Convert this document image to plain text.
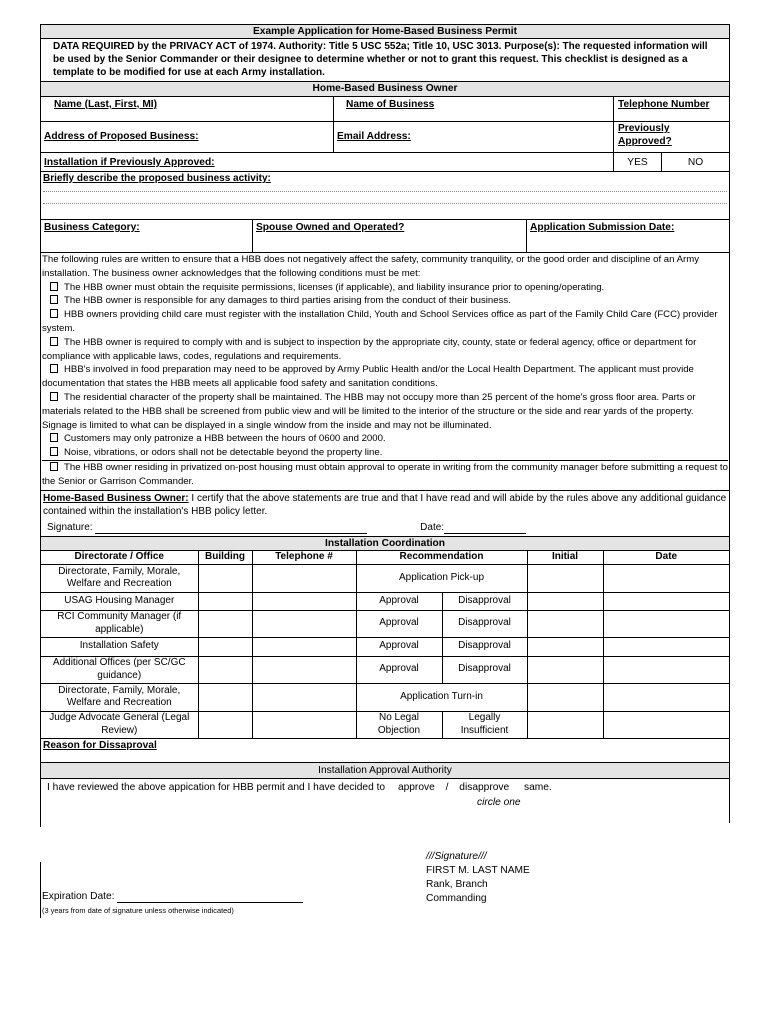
Example Application for Home-Based Business Permit
DATA REQUIRED by the PRIVACY ACT of 1974. Authority: Title 5 USC 552a; Title 10, USC 3013. Purpose(s): The requested information will be used by the Senior Commander or their designee to determine whether or not to grant this request. This checklist is designed as a template to be modified for use at each Army installation.
Home-Based Business Owner
Name (Last, First, MI)	Name of Business	Telephone Number
Address of Proposed Business:	Email Address:
Previously Approved?
Installation if Previously Approved:	YES	NO
Briefly describe the proposed business activity:
Business Category:	Spouse Owned and Operated?	Application Submission Date:
The following rules are written to ensure that a HBB does not negatively affect the safety, community tranquility, or the good order and discipline of an Army installation. The business owner acknowledges that the following conditions must be met:
The HBB owner must obtain the requisite permissions, licenses (if applicable), and liability insurance prior to opening/operating.
The HBB owner is responsible for any damages to third parties arising from the conduct of their business.
HBB owners providing child care must register with the installation Child, Youth and School Services office as part of the Family Child Care (FCC) provider system.
The HBB owner is required to comply with and is subject to inspection by the appropriate city, county, state or federal agency, office or department for compliance with applicable laws, codes, regulations and requirements.
HBB's involved in food preparation may need to be approved by Army Public Health and/or the Local Health Department. The applicant must provide documentation that states the HBB meets all applicable food safety and sanitation conditions.
The residential character of the property shall be maintained. The HBB may not occupy more than 25 percent of the home's gross floor area. Parts or materials related to the HBB shall be screened from public view and will be limited to the interior of the structure or the side and rear yards of the property. Signage is limited to what can be displayed in a single window from the inside and may not be illuminated.
Customers may only patronize a HBB between the hours of 0600 and 2000.
Noise, vibrations, or odors shall not be detectable beyond the property line.
The HBB owner residing in privatized on-post housing must obtain approval to operate in writing from the community manager before submitting a request to the Senior or Garrison Commander.
Home-Based Business Owner: I certify that the above statements are true and that I have read and will abide by the rules above any additional guidance contained within the installation's HBB policy letter.
Signature:	Date:
Installation Coordination
Directorate / Office	Building	Telephone #	Recommendation		Initial	Date
Directorate, Family, Morale, Welfare and Recreation			Application Pick-up			
USAG Housing Manager			Approval	Disapproval		
RCI Community Manager (if applicable)			Approval	Disapproval		
Installation Safety			Approval	Disapproval		
Additional Offices (per SC/GC guidance)			Approval	Disapproval		
Directorate, Family, Morale, Welfare and Recreation			Application Turn-in			
Judge Advocate General (Legal Review)			No Legal Objection	Legally Insufficient		
Reason for Dissaproval
Installation Approval Authority
I have reviewed the above appication for HBB permit and I have decided to approve / disapprove same.
circle one
///Signature///
FIRST M. LAST NAME
Rank, Branch
Commanding
Expiration Date:
(3 years from date of signature unless otherwise indicated)
